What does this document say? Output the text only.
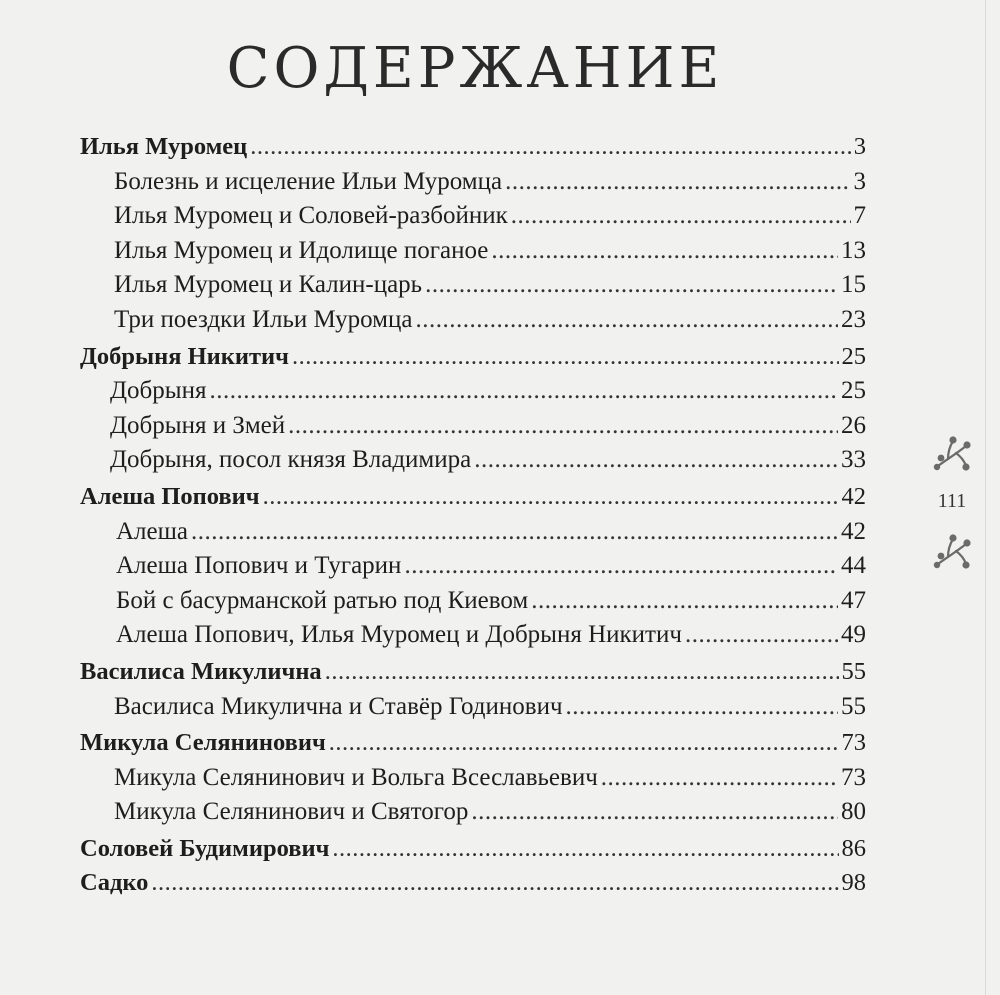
СОДЕРЖАНИЕ
Илья Муромец .....	3
Болезнь и исцеление Ильи Муромца .....	3
Илья Муромец и Соловей-разбойник .....	7
Илья Муромец и Идолище поганое .....	13
Илья Муромец и Калин-царь .....	15
Три поездки Ильи Муромца .....	23
Добрыня Никитич .....	25
Добрыня .....	25
Добрыня и Змей .....	26
Добрыня, посол князя Владимира .....	33
Алеша Попович .....	42
Алеша .....	42
Алеша Попович и Тугарин .....	44
Бой с басурманской ратью под Киевом .....	47
Алеша Попович, Илья Муромец и Добрыня Никитич .....	49
Василиса Микулична .....	55
Василиса Микулична и Ставёр Годинович .....	55
Микула Селянинович .....	73
Микула Селянинович и Вольга Всеславьевич .....	73
Микула Селянинович и Святогор .....	80
Соловей Будимирович .....	86
Садко .....	98
111
